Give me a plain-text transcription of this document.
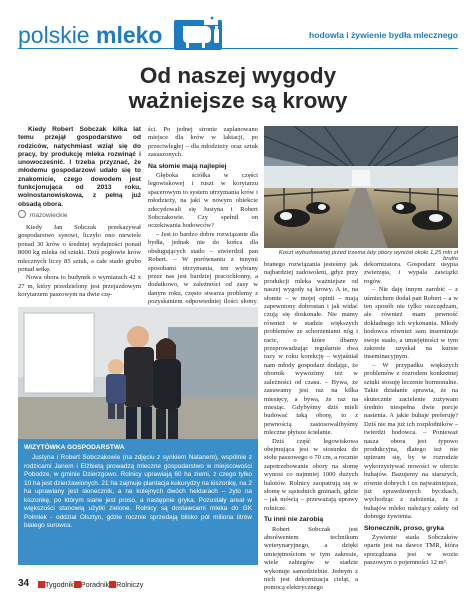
polskie mleko	hodowla i żywienie bydła mlecznego
Od naszej wygody
ważniejsze są krowy

Kiedy Robert Sobczak kilka lat temu przejął gospodarstwo od rodziców, natychmiast wziął się do pracy, by produkcję mleka rozwinąć i unowocześnić. I trzeba przyznać, że młodemu gospodarzowi udało się to znakomicie, czego dowodem jest funkcjonująca od 2013 roku, wolnostanowiskowa, z pełną już obsadą obora.

mazowieckie

Kiedy Jan Sobczak przekazywał gospodarstwo synowi, liczyło ono niewiele ponad 30 krów o średniej wydajności ponad 8000 kg mleka od sztuki. Dziś pogłowie krów mlecznych liczy 85 sztuk, a całe stado grubo ponad setkę.

Nowa obora to budynek o wymiarach 42 x 27 m, który przedzielony jest przejazdowym korytarzem paszowym na dwie czę-

ści. Po jednej stronie zaplanowano miejsce dla krów w laktacji, po przeciwległej – dla młodzieży oraz sztuk zasuszonych.

Na słomie mają najlepiej

Głęboka ściółka w części legowiskowej i ruszt w korytarzu spacerowym to system utrzymania krów i młodzieży, na jaki w nowym obiekcie zdecydowali się Justyna i Robert Sobczakowie. Czy spełnił on oczekiwania hodowców?

– Jest to bardzo dobre rozwiązanie dla bydła, jednak nie do końca dla obsługujących stado – stwierdził pan Robert. – W porównaniu z innymi sposobami utrzymania, ten wybrany przez nas jest bardziej pracochłonny, a dodatkowo, w zależności od zasy w danym roku, często stwarza problemy z pozyskaniem odpowiedniej ilości słomy.

Koszt wybudowanej przed trzema laty obory wyniósł około 1,25 mln zł brutto

branego rozwiązania jesteśmy jak najbardziej zadowoleni, gdyż przy produkcji mleka ważniejsze od naszej wygody są krowy. A te, na słomie – w mojej opinii – mają zapewniony dobrostan i jak widać czują się doskonale. Nie mamy również w stadzie większych problemów ze schorzeniami nóg i racic, o które dbamy przeprowadzając regularnie dwa razy w roku korekcję – wyjaśniał nam młody gospodarz dodając, że obornik wywozimy też w zależności od czasu. – Bywa, że zasuwamy jest raz na kilka miesięcy, a bywa, że raz na miesiąc. Gdybyśmy dziś mieli budować taką oborę, to z pewnością zastosowalibyśmy mleczne płytsze ściełanie.

Dziś część legowiskowa obejmująca jest w stosunku do stołu paszowego o 70 cm, a rocznie zapotrzebowanie obory na słomę wynosi co najmniej 1000 dużych balotów. Rolnicy zaopatrują się w słomę w sąsiednich gminach, gdzie – jak mówią – przeważają uprawy rolnicze.

Tu inni nie zarobią

Robert Sobczak jest absolwentem technikum weterynaryjnego, a dzięki umiejętnościom w tym zakresie, wiele zabiegów w stadzie wykonuje samodzielnie. Jednym z nich jest dekornizacja cieląt, a pomocą elektrycznego

dekornizatora. Gospodarz usypia zwierzęta, i wypala zawiązki rogów.

– Nie daję innym zarobić – z uśmiechem dodał pan Robert – a w ten sposób nie tylko oszczędzam, ale również mam pewność dokładnego ich wykonania. Młody hodowca również sam inseminuje swoje stado, a umiejętności w tym zakresie uzyskał na kursie inseminacyjnym.

– W przypadku większych problemów z rozrodem konkretnej sztuki stosuję leczenie hormonalne. Takie działanie sprawia, że na skutecznie zacielenie zużywam średnio niespełna dwie porcje nasienia. A jakie buhaje preferuję? Dziś nie ma już ich rozpłodników – twierdzi hodowca. – Ponieważ nasza obora jest typowo produkcyjna, dlatego też nie upieram się, by w rozrodzie wykorzystywać nowości w ofercie buhajów. Bazujemy na starszych, równie dobrych i co najważniejsze, już sprawdzonych byczkach, wychodząc z założenia, że z buhajów mleko należący zalety od dobrego żywienia.

Słonecznik, proso, gryka

Żywienie stada Sobczaków oparte jest na dawce TMR, która sporządzana jest w wozie paszowym o pojemności 12 m³.

WIZYTÓWKA GOSPODARSTWA
Justyna i Robert Sobczakowie (na zdjęciu z synkiem Natanem), wspólnie z rodzicami Janem i Elżbietą prowadzą mleczne gospodarstwo w miejscowości Pobodze, w gminie Dzierzgowo. Rolnicy uprawiają 60 ha ziemi, z czego tylko 10 ha jest dzierżawionych. 21 ha zajmuje plantacja kukurydzy na kiszonkę, na 2 ha uprawiany jest słonecznik, a na kolejnych dwóch hektarach – żyto na kiszonkę, po którym siane jest proso, a następnie gryka. Pozostały areał w większości stanowią użytki zielone. Rolnicy są dostawcami mleka do GK Polmlek - oddział Olsztyn, gdzie rocznie sprzedają blisko pół miliona litrów białego surowca.
34	Tygodnik Poradnik Rolniczy
